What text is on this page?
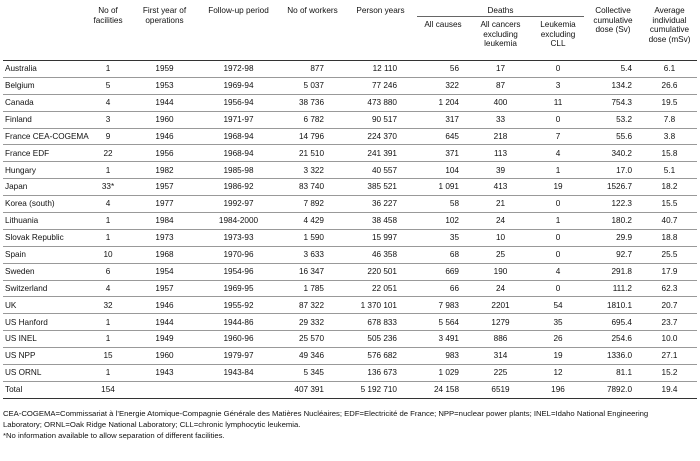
	No of facilities	First year of operations	Follow-up period	No of workers	Person years	Deaths			Collective cumulative dose (Sv)	Average individual cumulative dose (mSv)
						All causes	All cancers excluding leukemia	Leukemia excluding CLL		
Australia	1	1959	1972-98	877	12 110	56	17	0	5.4	6.1
Belgium	5	1953	1969-94	5 037	77 246	322	87	3	134.2	26.6
Canada	4	1944	1956-94	38 736	473 880	1 204	400	11	754.3	19.5
Finland	3	1960	1971-97	6 782	90 517	317	33	0	53.2	7.8
France CEA-COGEMA	9	1946	1968-94	14 796	224 370	645	218	7	55.6	3.8
France EDF	22	1956	1968-94	21 510	241 391	371	113	4	340.2	15.8
Hungary	1	1982	1985-98	3 322	40 557	104	39	1	17.0	5.1
Japan	33*	1957	1986-92	83 740	385 521	1 091	413	19	1526.7	18.2
Korea (south)	4	1977	1992-97	7 892	36 227	58	21	0	122.3	15.5
Lithuania	1	1984	1984-2000	4 429	38 458	102	24	1	180.2	40.7
Slovak Republic	1	1973	1973-93	1 590	15 997	35	10	0	29.9	18.8
Spain	10	1968	1970-96	3 633	46 358	68	25	0	92.7	25.5
Sweden	6	1954	1954-96	16 347	220 501	669	190	4	291.8	17.9
Switzerland	4	1957	1969-95	1 785	22 051	66	24	0	111.2	62.3
UK	32	1946	1955-92	87 322	1 370 101	7 983	2201	54	1810.1	20.7
US Hanford	1	1944	1944-86	29 332	678 833	5 564	1279	35	695.4	23.7
US INEL	1	1949	1960-96	25 570	505 236	3 491	886	26	254.6	10.0
US NPP	15	1960	1979-97	49 346	576 682	983	314	19	1336.0	27.1
US ORNL	1	1943	1943-84	5 345	136 673	1 029	225	12	81.1	15.2
Total	154			407 391	5 192 710	24 158	6519	196	7892.0	19.4
CEA-COGEMA=Commissariat à l’Energie Atomique-Compagnie Générale des Matières Nucléaires; EDF=Electricité de France; NPP=nuclear power plants; INEL=Idaho National Engineering
Laboratory; ORNL=Oak Ridge National Laboratory; CLL=chronic lymphocytic leukemia.
*No information available to allow separation of different facilities.
